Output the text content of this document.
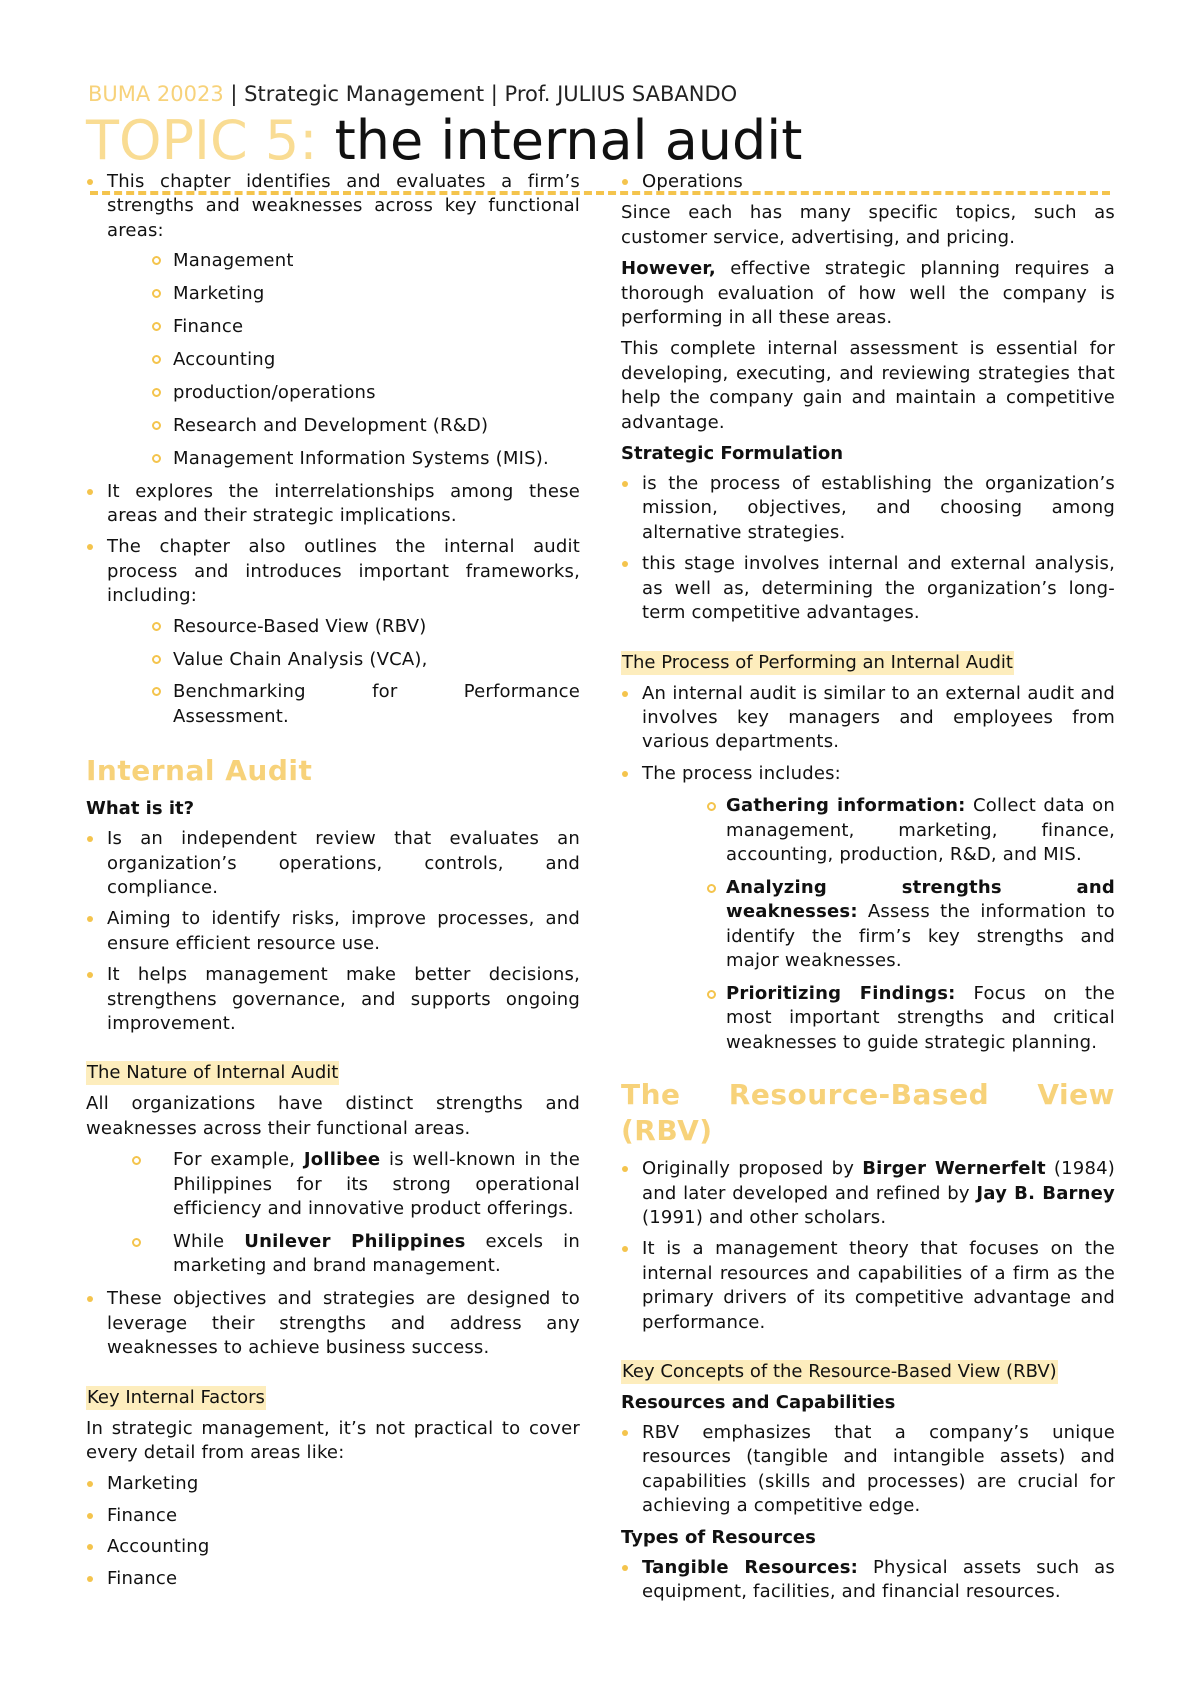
BUMA 20023 | Strategic Management | Prof. JULIUS SABANDO
TOPIC 5: the internal audit
This chapter identifies and evaluates a firm’s strengths and weaknesses across key functional areas:
Management
Marketing
Finance
Accounting
production/operations
Research and Development (R&D)
Management Information Systems (MIS).
It explores the interrelationships among these areas and their strategic implications.
The chapter also outlines the internal audit process and introduces important frameworks, including:
Resource-Based View (RBV)
Value Chain Analysis (VCA),
Benchmarking for Performance Assessment.
Internal Audit
What is it?
Is an independent review that evaluates an organization’s operations, controls, and compliance.
Aiming to identify risks, improve processes, and ensure efficient resource use.
It helps management make better decisions, strengthens governance, and supports ongoing improvement.
The Nature of Internal Audit

All organizations have distinct strengths and weaknesses across their functional areas.

For example, Jollibee is well-known in the Philippines for its strong operational efficiency and innovative product offerings.
While Unilever Philippines excels in marketing and brand management.
These objectives and strategies are designed to leverage their strengths and address any weaknesses to achieve business success.
Key Internal Factors

In strategic management, it’s not practical to cover every detail from areas like:

Marketing
Finance
Accounting
Finance
Operations

Since each has many specific topics, such as customer service, advertising, and pricing.

However, effective strategic planning requires a thorough evaluation of how well the company is performing in all these areas.

This complete internal assessment is essential for developing, executing, and reviewing strategies that help the company gain and maintain a competitive advantage.

Strategic Formulation
is the process of establishing the organization’s mission, objectives, and choosing among alternative strategies.
this stage involves internal and external analysis, as well as, determining the organization’s long-term competitive advantages.
The Process of Performing an Internal Audit
An internal audit is similar to an external audit and involves key managers and employees from various departments.
The process includes:
Gathering information: Collect data on management, marketing, finance, accounting, production, R&D, and MIS.
Analyzing strengths and weaknesses: Assess the information to identify the firm’s key strengths and major weaknesses.
Prioritizing Findings: Focus on the most important strengths and critical weaknesses to guide strategic planning.
The Resource-Based View (RBV)
Originally proposed by Birger Wernerfelt (1984) and later developed and refined by Jay B. Barney (1991) and other scholars.
It is a management theory that focuses on the internal resources and capabilities of a firm as the primary drivers of its competitive advantage and performance.
Key Concepts of the Resource-Based View (RBV)
Resources and Capabilities
RBV emphasizes that a company’s unique resources (tangible and intangible assets) and capabilities (skills and processes) are crucial for achieving a competitive edge.
Types of Resources
Tangible Resources: Physical assets such as equipment, facilities, and financial resources.
